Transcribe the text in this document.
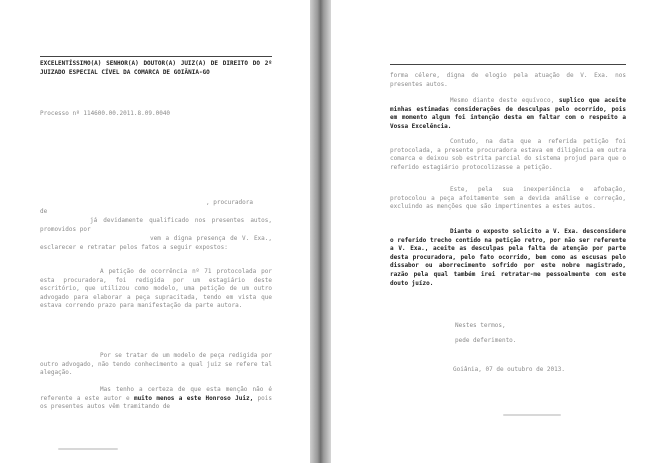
EXCELENTÍSSIMO(A) SENHOR(A) DOUTOR(A) JUIZ(A) DE DIREITO DO 2º JUIZADO ESPECIAL CÍVEL DA COMARCA DE GOIÂNIA-GO

Processo nº 114600.00.2011.8.09.0040

, procuradora

de

já devidamente qualificado nos presentes autos, promovidos por

vem a digna presença de V. Exa., esclarecer e retratar pelos fatos a seguir expostos:

A petição de ocorrência nº 71 protocolada por esta procuradora, foi redigida por um estagiário deste escritório, que utilizou como modelo, uma petição de um outro advogado para elaborar a peça supracitada, tendo em vista que estava correndo prazo para manifestação da parte autora.

Por se tratar de um modelo de peça redigida por outro advogado, não tendo conhecimento a qual juiz se refere tal alegação.

Mas tenho a certeza de que esta menção não é referente a este autor e muito menos a este Honroso Juiz, pois os presentes autos vêm tramitando de

forma célere, digna de elogio pela atuação de V. Exa. nos presentes autos.

Mesmo diante deste equívoco, suplico que aceite minhas estimadas considerações de desculpas pelo ocorrido, pois em momento algum foi intenção desta em faltar com o respeito a Vossa Excelência.

Contudo, na data que a referida petição foi protocolada, a presente procuradora estava em diligência em outra comarca e deixou sob estrita parcial do sistema projud para que o referido estagiário protocolizasse a petição.

Este, pela sua inexperiência e afobação, protocolou a peça afoitamente sem a devida análise e correção, excluindo as menções que são impertinentes a estes autos.

Diante o exposto solicito a V. Exa. desconsidere o referido trecho contido na petição retro, por não ser referente a V. Exa., aceite as desculpas pela falta de atenção por parte desta procuradora, pelo fato ocorrido, bem como as escusas pelo dissabor ou aborrecimento sofrido por este nobre magistrado, razão pela qual também irei retratar-me pessoalmente com este douto juízo.

Nestes termos,

pede deferimento.

Goiânia, 07 de outubro de 2013.
